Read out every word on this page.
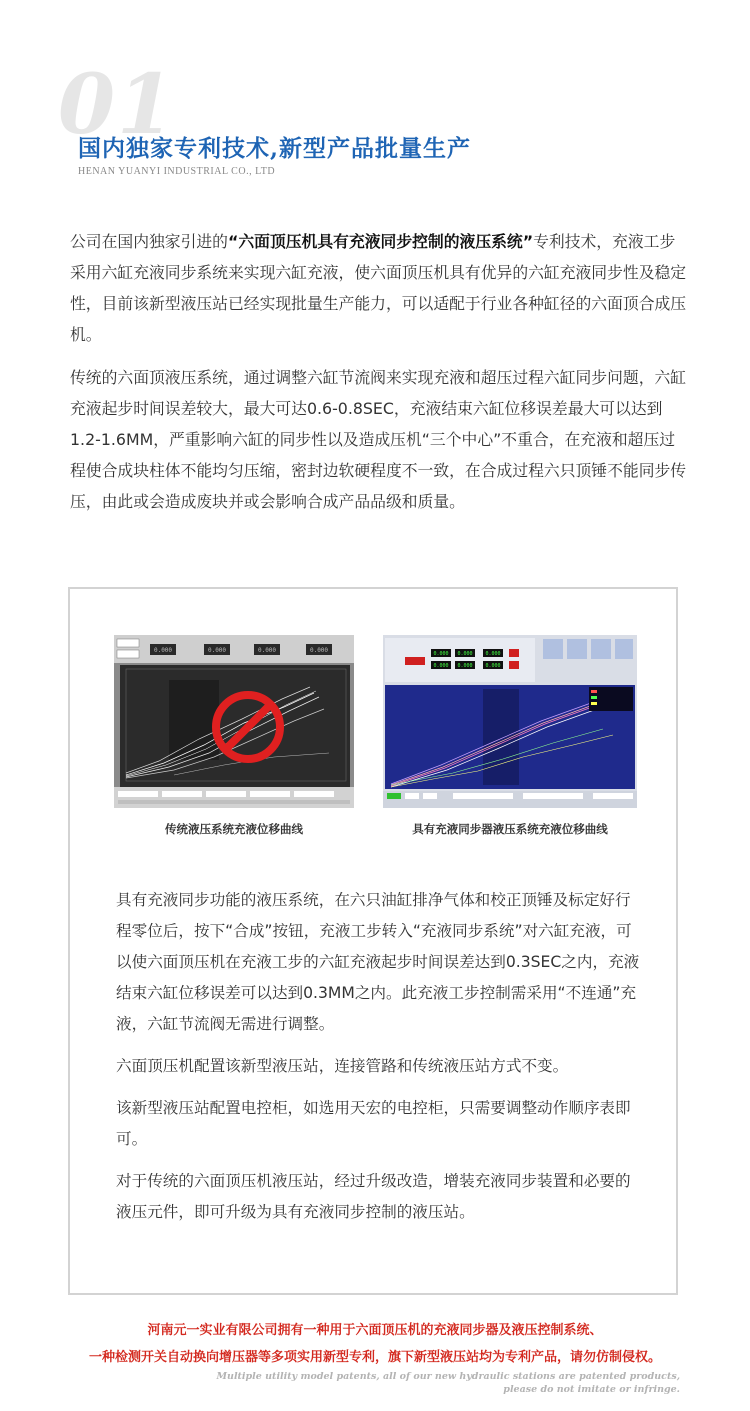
01
国内独家专利技术,新型产品批量生产
HENAN YUANYI INDUSTRIAL CO., LTD

公司在国内独家引进的“六面顶压机具有充液同步控制的液压系统”专利技术，充液工步采用六缸充液同步系统来实现六缸充液，使六面顶压机具有优异的六缸充液同步性及稳定性，目前该新型液压站已经实现批量生产能力，可以适配于行业各种缸径的六面顶合成压机。

传统的六面顶液压系统，通过调整六缸节流阀来实现充液和超压过程六缸同步问题，六缸充液起步时间误差较大，最大可达0.6-0.8SEC，充液结束六缸位移误差最大可以达到1.2-1.6MM，严重影响六缸的同步性以及造成压机“三个中心”不重合，在充液和超压过程使合成块柱体不能均匀压缩，密封边软硬程度不一致，在合成过程六只顶锤不能同步传压，由此或会造成废块并或会影响合成产品品级和质量。

0.000	0.000	0.000	0.000	0.000 0.000
0.000 0.000
0.000
0.000
传统液压系统充液位移曲线	具有充液同步器液压系统充液位移曲线

具有充液同步功能的液压系统，在六只油缸排净气体和校正顶锤及标定好行程零位后，按下“合成”按钮，充液工步转入“充液同步系统”对六缸充液，可以使六面顶压机在充液工步的六缸充液起步时间误差达到0.3SEC之内，充液结束六缸位移误差可以达到0.3MM之内。此充液工步控制需采用“不连通”充液，六缸节流阀无需进行调整。

六面顶压机配置该新型液压站，连接管路和传统液压站方式不变。

该新型液压站配置电控柜，如选用天宏的电控柜，只需要调整动作顺序表即可。

对于传统的六面顶压机液压站，经过升级改造，增装充液同步装置和必要的液压元件，即可升级为具有充液同步控制的液压站。

河南元一实业有限公司拥有一种用于六面顶压机的充液同步器及液压控制系统、
一种检测开关自动换向增压器等多项实用新型专利，旗下新型液压站均为专利产品，请勿仿制侵权。
Multiple utility model patents, all of our new hydraulic stations are patented products,
please do not imitate or infringe.
